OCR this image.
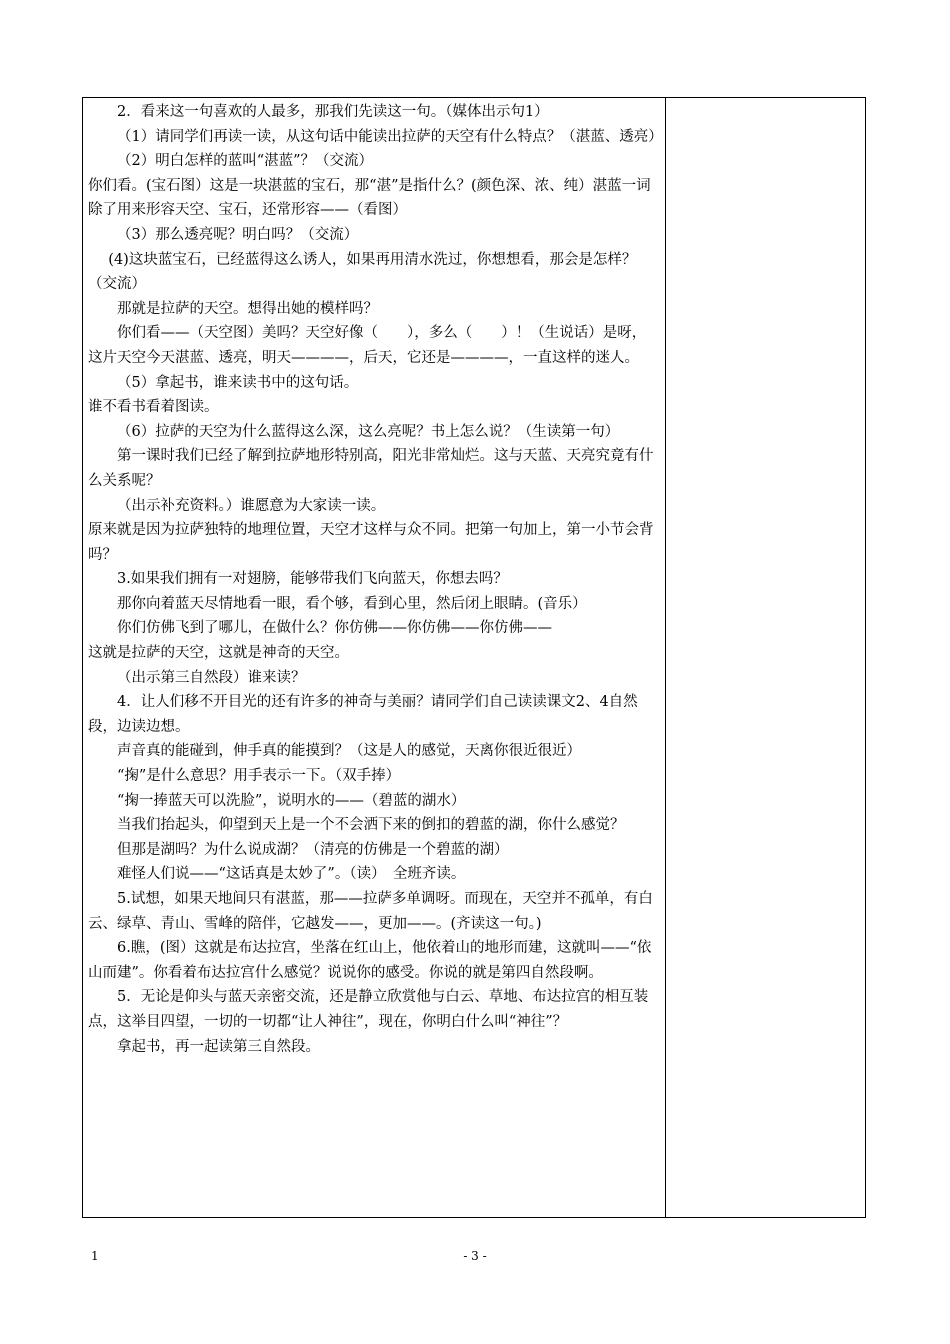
2．看来这一句喜欢的人最多，那我们先读这一句。（媒体出示句1）

（1）请同学们再读一读，从这句话中能读出拉萨的天空有什么特点？（湛蓝、透亮）

（2）明白怎样的蓝叫“湛蓝”？（交流）

你们看。(宝石图）这是一块湛蓝的宝石，那“湛”是指什么？(颜色深、浓、纯）湛蓝一词除了用来形容天空、宝石，还常形容——（看图）

（3）那么透亮呢？明白吗？（交流）

(4)这块蓝宝石，已经蓝得这么诱人，如果再用清水洗过，你想想看，那会是怎样？（交流）

那就是拉萨的天空。想得出她的模样吗？

你们看——（天空图）美吗？天空好像（　　），多么（　　）！（生说话）是呀，这片天空今天湛蓝、透亮，明天————，后天，它还是————，一直这样的迷人。

（5）拿起书，谁来读书中的这句话。

谁不看书看着图读。

（6）拉萨的天空为什么蓝得这么深，这么亮呢？书上怎么说？（生读第一句）

第一课时我们已经了解到拉萨地形特别高，阳光非常灿烂。这与天蓝、天亮究竟有什么关系呢？

（出示补充资料。）谁愿意为大家读一读。

原来就是因为拉萨独特的地理位置，天空才这样与众不同。把第一句加上，第一小节会背吗？

3.如果我们拥有一对翅膀，能够带我们飞向蓝天，你想去吗？

那你向着蓝天尽情地看一眼，看个够，看到心里，然后闭上眼睛。(音乐）

你们仿佛飞到了哪儿，在做什么？你仿佛——你仿佛——你仿佛——

这就是拉萨的天空，这就是神奇的天空。

（出示第三自然段）谁来读？

4．让人们移不开目光的还有许多的神奇与美丽？请同学们自己读读课文2、4自然段，边读边想。

声音真的能碰到，伸手真的能摸到？（这是人的感觉，天离你很近很近）

“掬”是什么意思？用手表示一下。（双手捧）

“掬一捧蓝天可以洗脸”，说明水的——（碧蓝的湖水）

当我们抬起头，仰望到天上是一个不会洒下来的倒扣的碧蓝的湖，你什么感觉？

但那是湖吗？为什么说成湖？（清亮的仿佛是一个碧蓝的湖）

难怪人们说——“这话真是太妙了”。（读）　全班齐读。

5.试想，如果天地间只有湛蓝，那——拉萨多单调呀。而现在，天空并不孤单，有白云、绿草、青山、雪峰的陪伴，它越发——，更加——。(齐读这一句。)

6.瞧，(图）这就是布达拉宫，坐落在红山上，他依着山的地形而建，这就叫——“依山而建”。你看着布达拉宫什么感觉？说说你的感受。你说的就是第四自然段啊。

5．无论是仰头与蓝天亲密交流，还是静立欣赏他与白云、草地、布达拉宫的相互装点，这举目四望，一切的一切都“让人神往”，现在，你明白什么叫“神往”？

拿起书，再一起读第三自然段。

1	- 3 -
